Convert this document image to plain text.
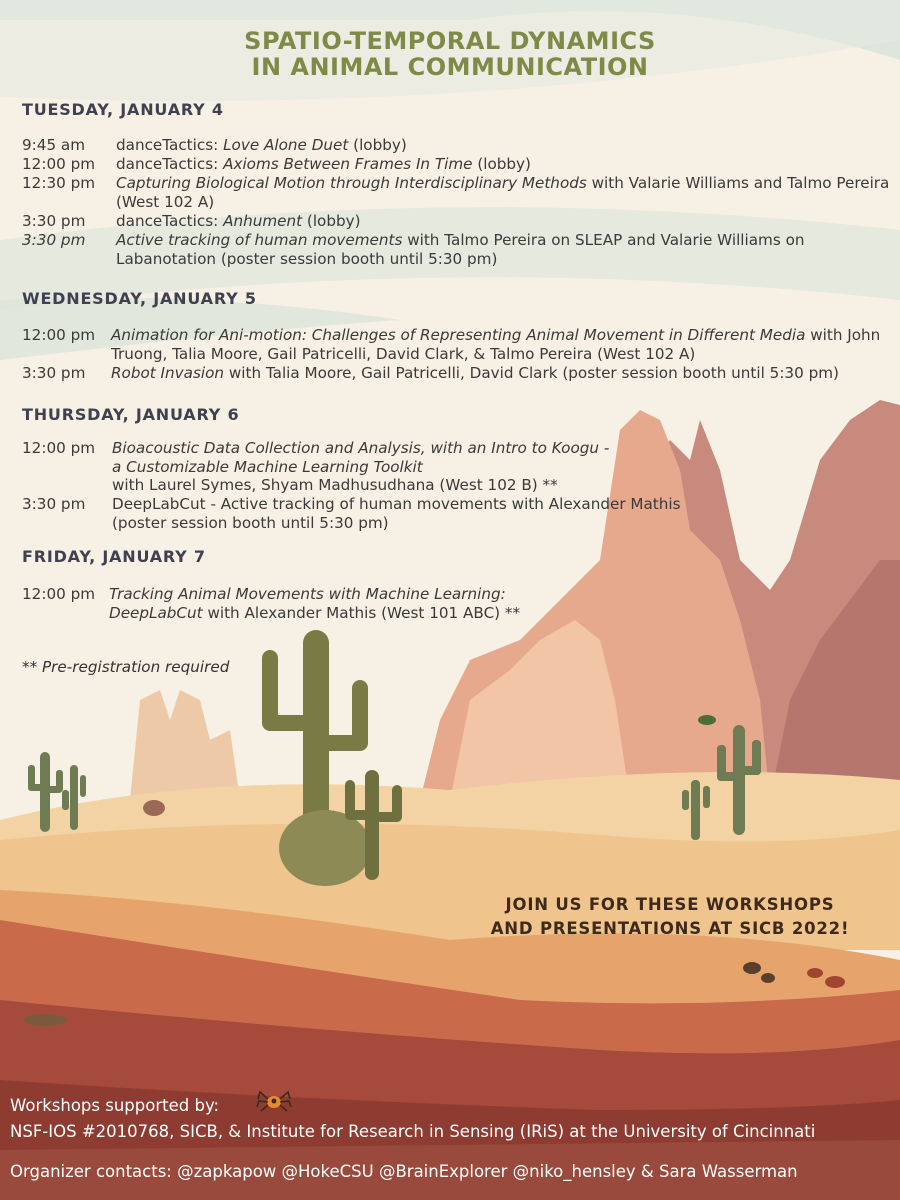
SPATIO-TEMPORAL DYNAMICS
IN ANIMAL COMMUNICATION
TUESDAY, JANUARY 4
WEDNESDAY, JANUARY 5
THURSDAY, JANUARY 6
FRIDAY, JANUARY 7
9:45 am danceTactics: Love Alone Duet (lobby)
12:00 pm danceTactics: Axioms Between Frames In Time (lobby)
12:30 pm Capturing Biological Motion through Interdisciplinary Methods with Valarie Williams and Talmo Pereira (West 102 A)
3:30 pm danceTactics: Anhument (lobby)
3:30 pm Active tracking of human movements with Talmo Pereira on SLEAP and Valarie Williams on Labanotation (poster session booth until 5:30 pm)
12:00 pm Animation for Ani-motion: Challenges of Representing Animal Movement in Different Media with John Truong, Talia Moore, Gail Patricelli, David Clark, & Talmo Pereira (West 102 A)
3:30 pm Robot Invasion with Talia Moore, Gail Patricelli, David Clark (poster session booth until 5:30 pm)
12:00 pm Bioacoustic Data Collection and Analysis, with an Intro to Koogu -
a Customizable Machine Learning Toolkit
with Laurel Symes, Shyam Madhusudhana (West 102 B) **
3:30 pm DeepLabCut - Active tracking of human movements with Alexander Mathis
(poster session booth until 5:30 pm)
12:00 pm Tracking Animal Movements with Machine Learning:
DeepLabCut with Alexander Mathis (West 101 ABC) **
** Pre-registration required
JOIN US FOR THESE WORKSHOPS
AND PRESENTATIONS AT SICB 2022!
Workshops supported by:
NSF-IOS #2010768, SICB, & Institute for Research in Sensing (IRiS) at the University of Cincinnati
Organizer contacts: @zapkapow @HokeCSU @BrainExplorer @niko_hensley & Sara Wasserman
